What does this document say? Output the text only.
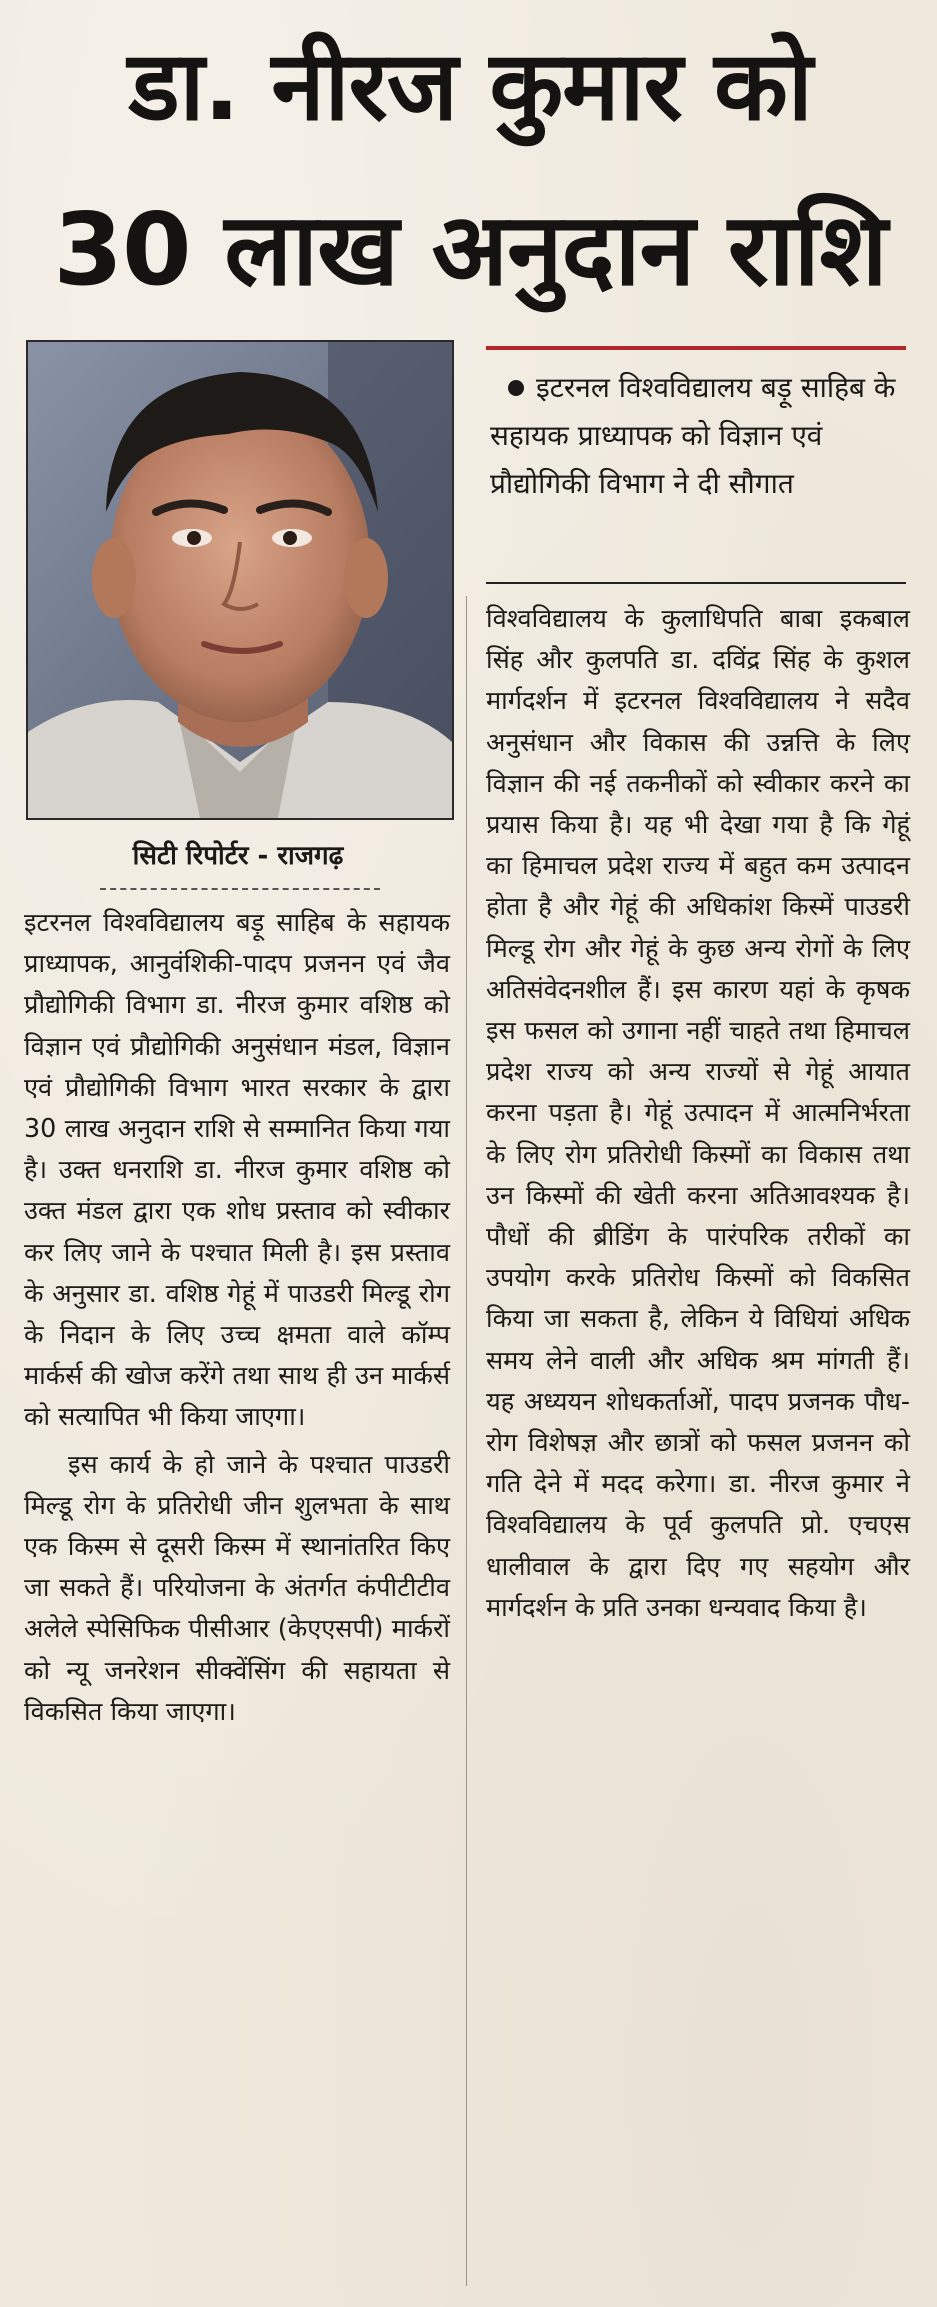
डा. नीरज कुमार को
30 लाख अनुदान राशि
सिटी रिपोर्टर - राजगढ़
इटरनल विश्वविद्यालय बड़ू साहिब के सहायक प्राध्यापक को विज्ञान एवं प्रौद्योगिकी विभाग ने दी सौगात

इटरनल विश्वविद्यालय बड़ू साहिब के सहायक प्राध्यापक, आनुवंशिकी-पादप प्रजनन एवं जैव प्रौद्योगिकी विभाग डा. नीरज कुमार वशिष्ठ को विज्ञान एवं प्रौद्योगिकी अनुसंधान मंडल, विज्ञान एवं प्रौद्योगिकी विभाग भारत सरकार के द्वारा 30 लाख अनुदान राशि से सम्मानित किया गया है। उक्त धनराशि डा. नीरज कुमार वशिष्ठ को उक्त मंडल द्वारा एक शोध प्रस्ताव को स्वीकार कर लिए जाने के पश्चात मिली है। इस प्रस्ताव के अनुसार डा. वशिष्ठ गेहूं में पाउडरी मिल्डू रोग के निदान के लिए उच्च क्षमता वाले कॉम्प मार्कर्स की खोज करेंगे तथा साथ ही उन मार्कर्स को सत्यापित भी किया जाएगा।

इस कार्य के हो जाने के पश्चात पाउडरी मिल्डू रोग के प्रतिरोधी जीन शुलभता के साथ एक किस्म से दूसरी किस्म में स्थानांतरित किए जा सकते हैं। परियोजना के अंतर्गत कंपीटीटीव अलेले स्पेसिफिक पीसीआर (केएएसपी) मार्करों को न्यू जनरेशन सीक्वेंसिंग की सहायता से विकसित किया जाएगा।

विश्वविद्यालय के कुलाधिपति बाबा इकबाल सिंह और कुलपति डा. दविंद्र सिंह के कुशल मार्गदर्शन में इटरनल विश्वविद्यालय ने सदैव अनुसंधान और विकास की उन्नत्ति के लिए विज्ञान की नई तकनीकों को स्वीकार करने का प्रयास किया है। यह भी देखा गया है कि गेहूं का हिमाचल प्रदेश राज्य में बहुत कम उत्पादन होता है और गेहूं की अधिकांश किस्में पाउडरी मिल्डू रोग और गेहूं के कुछ अन्य रोगों के लिए अतिसंवेदनशील हैं। इस कारण यहां के कृषक इस फसल को उगाना नहीं चाहते तथा हिमाचल प्रदेश राज्य को अन्य राज्यों से गेहूं आयात करना पड़ता है। गेहूं उत्पादन में आत्मनिर्भरता के लिए रोग प्रतिरोधी किस्मों का विकास तथा उन किस्मों की खेती करना अतिआवश्यक है। पौधों की ब्रीडिंग के पारंपरिक तरीकों का उपयोग करके प्रतिरोध किस्मों को विकसित किया जा सकता है, लेकिन ये विधियां अधिक समय लेने वाली और अधिक श्रम मांगती हैं। यह अध्ययन शोधकर्ताओं, पादप प्रजनक पौध-रोग विशेषज्ञ और छात्रों को फसल प्रजनन को गति देने में मदद करेगा। डा. नीरज कुमार ने विश्वविद्यालय के पूर्व कुलपति प्रो. एचएस धालीवाल के द्वारा दिए गए सहयोग और मार्गदर्शन के प्रति उनका धन्यवाद किया है।
